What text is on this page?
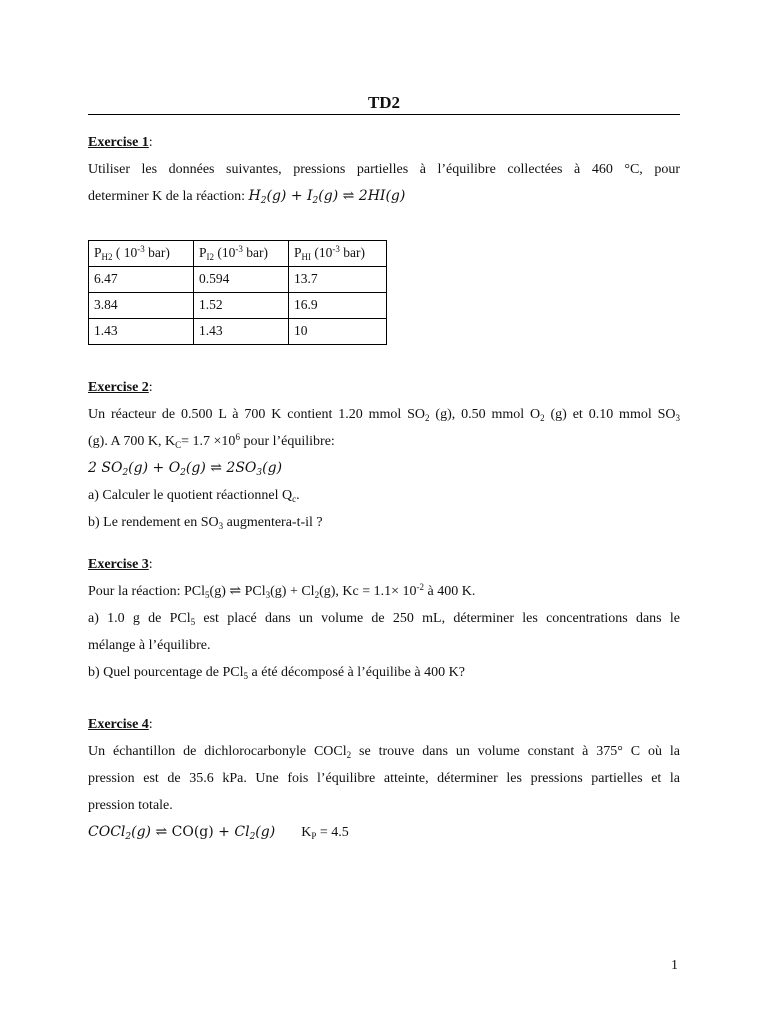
TD2

Exercise 1:

Utiliser les données suivantes, pressions partielles à l’équilibre collectées à 460 °C, pour

determiner K de la réaction: $H_2(g) + I_2(g)$ ⇌ 2HI(g)

$P_{H2}$ ( $10^{-3}$ bar)	$P_{I2}$ ($10^{-3}$ bar)	$P_{HI}$ ($10^{-3}$ bar)
6.47	0.594	13.7
3.84	1.52	16.9
1.43	1.43	10

Exercise 2:

Un réacteur de 0.500 L à 700 K contient 1.20 mmol $SO_2$ (g), 0.50 mmol $O_2$ (g) et 0.10 mmol $SO_3$

(g). A 700 K, $K_C= 1.7 \times 10^6$ pour l’équilibre:

2 $SO_2(g) + O_2(g)$ ⇌ $2SO_3(g)$

a) Calculer le quotient réactionnel $Q_c$.

b) Le rendement en $SO_3$ augmentera-t-il ?

Exercise 3:

Pour la réaction: PCl$_5$(g) ⇌ $PCl_3(g) + Cl_2(g)$, $Kc = 1.1\times 10^{-2}$ à 400 K.

a) 1.0 g de PCl$_5$ est placé dans un volume de 250 mL, déterminer les concentrations dans le

mélange à l’équilibre.

b) Quel pourcentage de PCl$_5$ a été décomposé à l’équilibe à 400 K?

Exercise 4:

Un échantillon de dichlorocarbonyle COCl$_2$ se trouve dans un volume constant à 375° C où la

pression est de 35.6 kPa. Une fois l’équilibre atteinte, déterminer les pressions partielles et la

pression totale.

COCl$_2$(g) ⇌ $CO(g) + Cl_2(g) K_P = 4.5$

1
